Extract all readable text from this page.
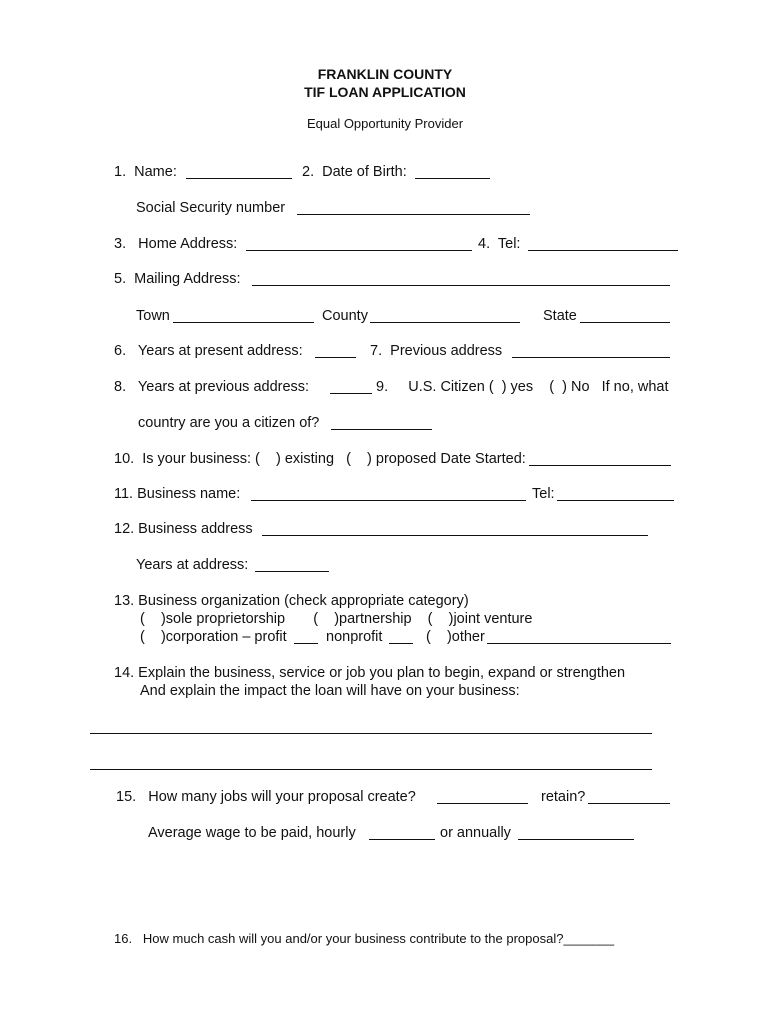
FRANKLIN COUNTY
TIF LOAN APPLICATION
Equal Opportunity Provider
1.  Name:	2.  Date of Birth:
Social Security number
3.   Home Address:	4.  Tel:
5.  Mailing Address:
Town	County	State
6.   Years at present address:	7.  Previous address
8.   Years at previous address:	9.     U.S. Citizen (  ) yes    (  ) No   If no, what
country are you a citizen of?
10.  Is your business: (    ) existing   (    ) proposed Date Started:
11. Business name:	Tel:
12. Business address
Years at address:
13. Business organization (check appropriate category)
(    )sole proprietorship       (    )partnership    (    )joint venture
(    )corporation – profit	nonprofit	(    )other
14. Explain the business, service or job you plan to begin, expand or strengthen
And explain the impact the loan will have on your business:
15.   How many jobs will your proposal create?	retain?
Average wage to be paid, hourly	or annually
16.   How much cash will you and/or your business contribute to the proposal?_______
